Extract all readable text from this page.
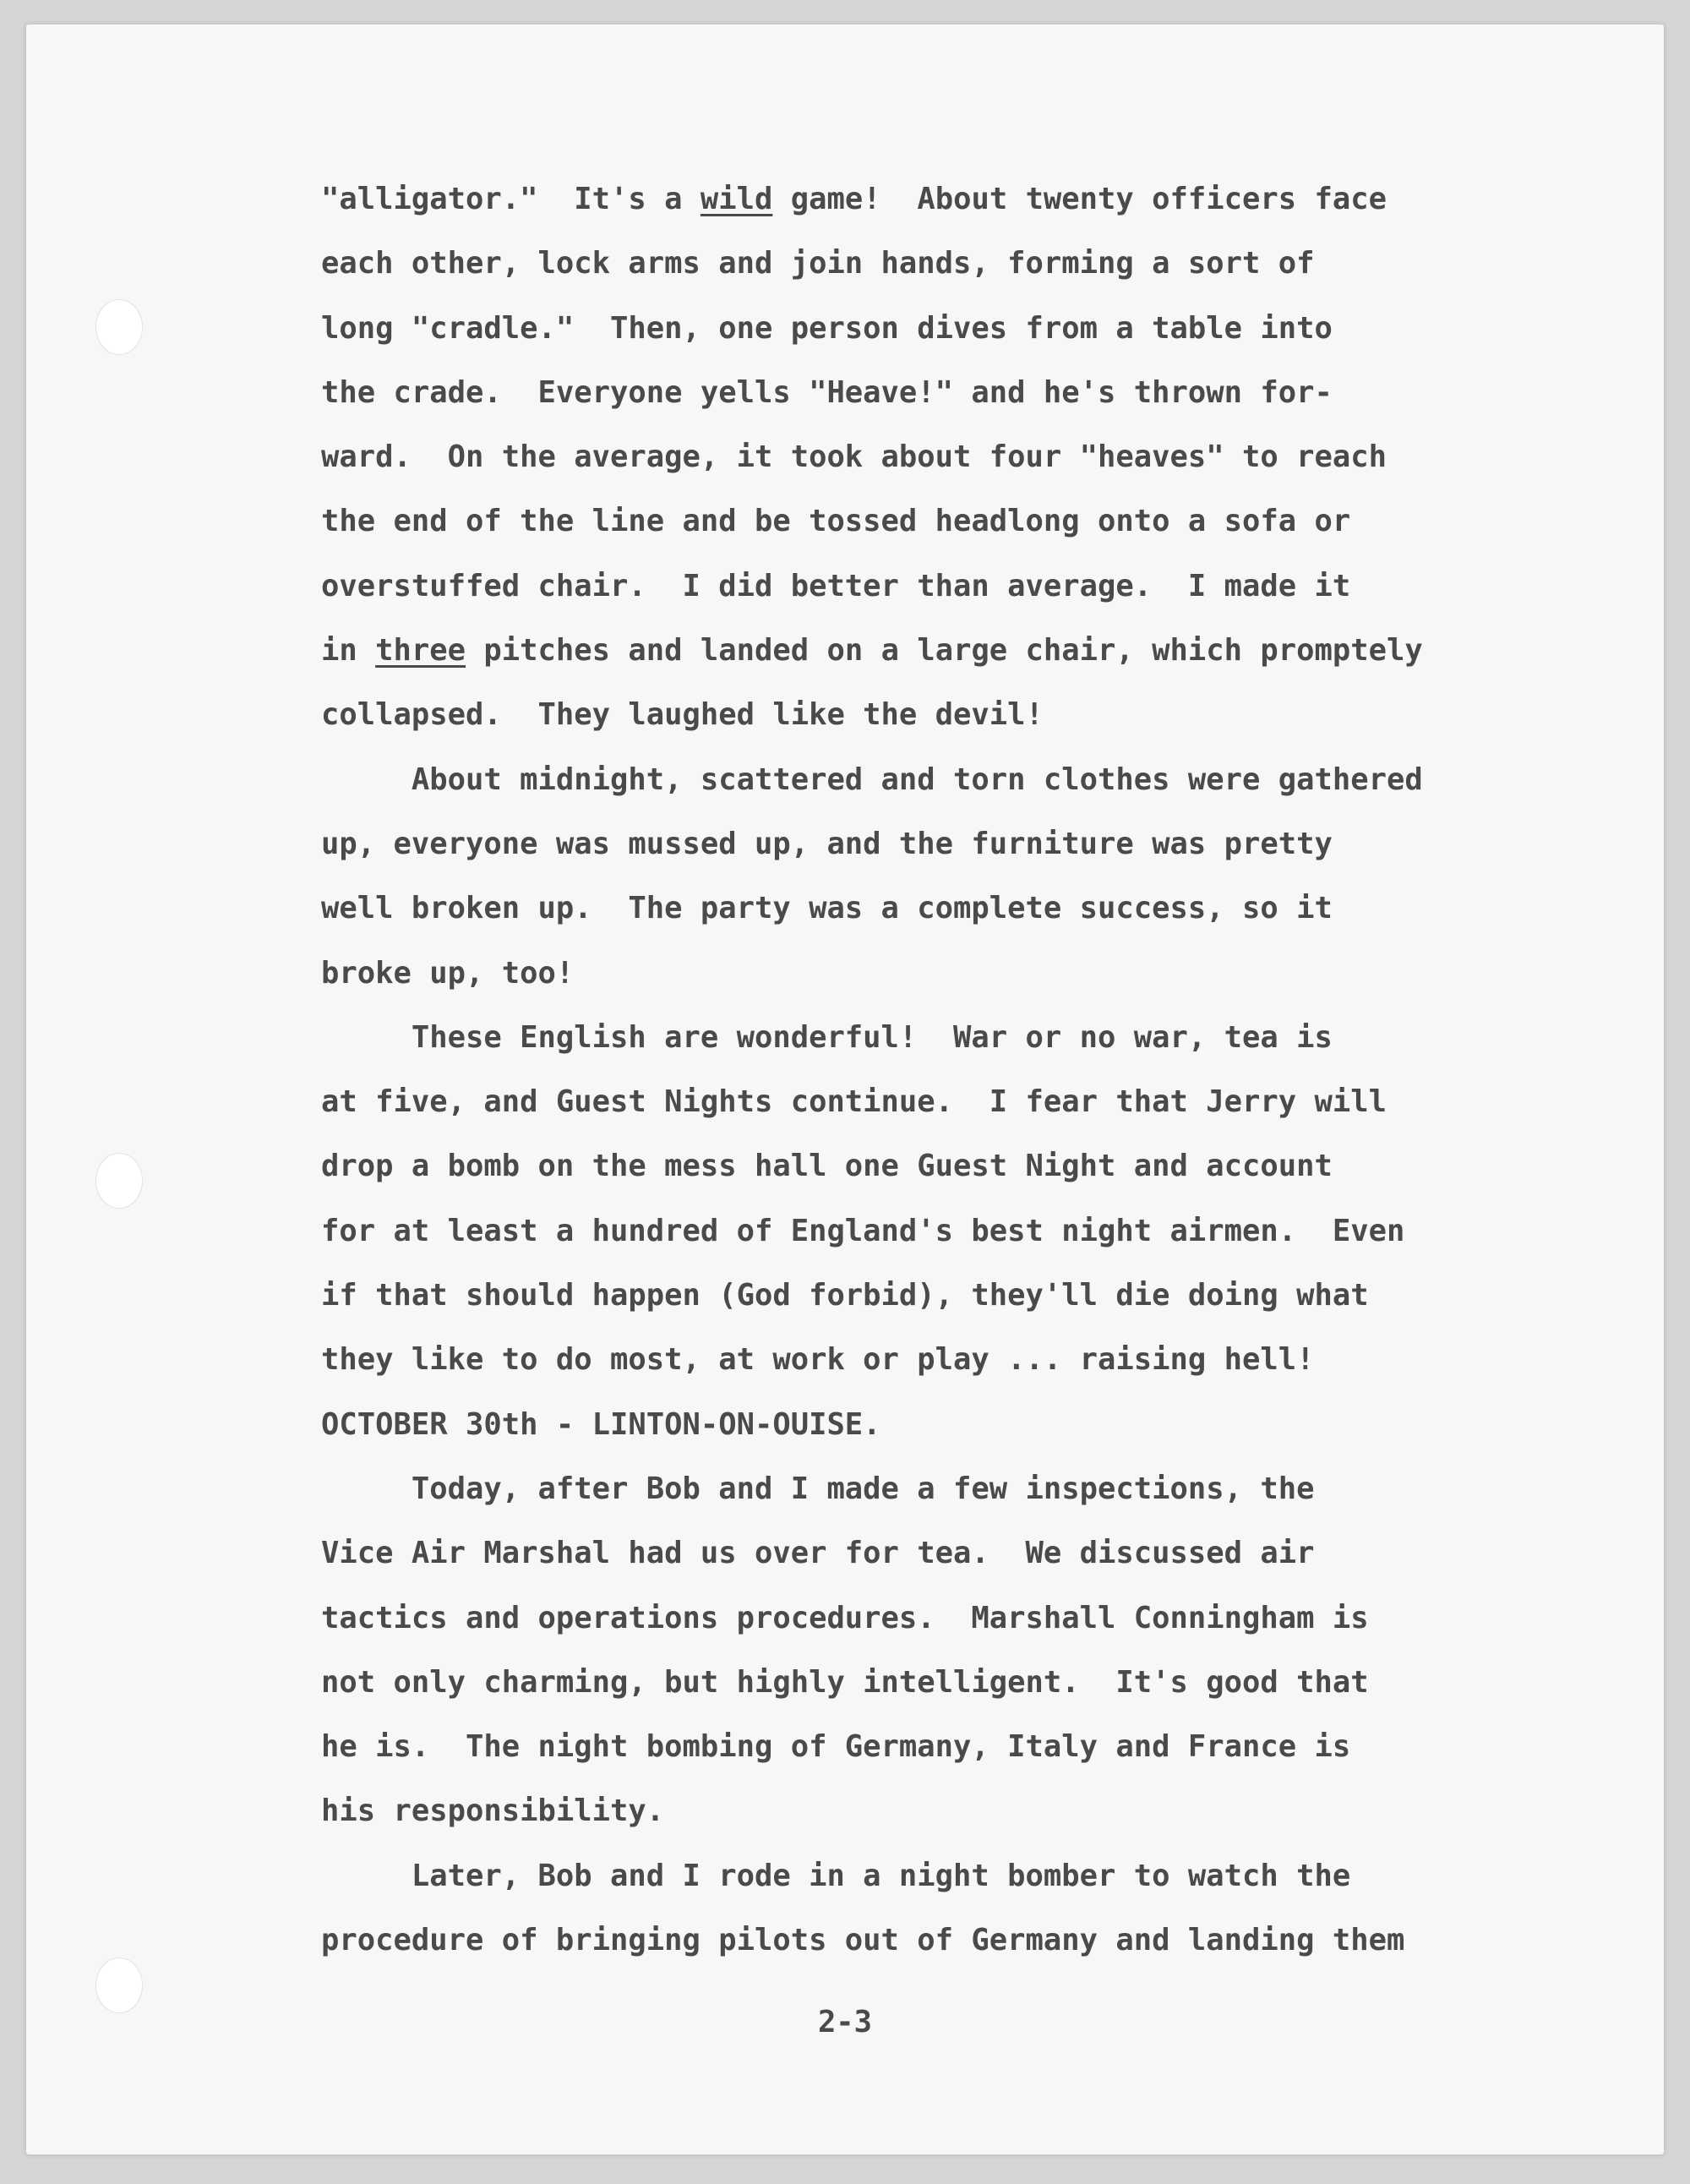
"alligator."  It's a wild game!  About twenty officers face
each other, lock arms and join hands, forming a sort of
long "cradle."  Then, one person dives from a table into
the crade.  Everyone yells "Heave!" and he's thrown for-
ward.  On the average, it took about four "heaves" to reach
the end of the line and be tossed headlong onto a sofa or
overstuffed chair.  I did better than average.  I made it
in three pitches and landed on a large chair, which promptely
collapsed.  They laughed like the devil!
About midnight, scattered and torn clothes were gathered
up, everyone was mussed up, and the furniture was pretty
well broken up.  The party was a complete success, so it
broke up, too!
These English are wonderful!  War or no war, tea is
at five, and Guest Nights continue.  I fear that Jerry will
drop a bomb on the mess hall one Guest Night and account
for at least a hundred of England's best night airmen.  Even
if that should happen (God forbid), they'll die doing what
they like to do most, at work or play ... raising hell!
OCTOBER 30th - LINTON-ON-OUISE.
Today, after Bob and I made a few inspections, the
Vice Air Marshal had us over for tea.  We discussed air
tactics and operations procedures.  Marshall Conningham is
not only charming, but highly intelligent.  It's good that
he is.  The night bombing of Germany, Italy and France is
his responsibility.
Later, Bob and I rode in a night bomber to watch the
procedure of bringing pilots out of Germany and landing them
2-3
